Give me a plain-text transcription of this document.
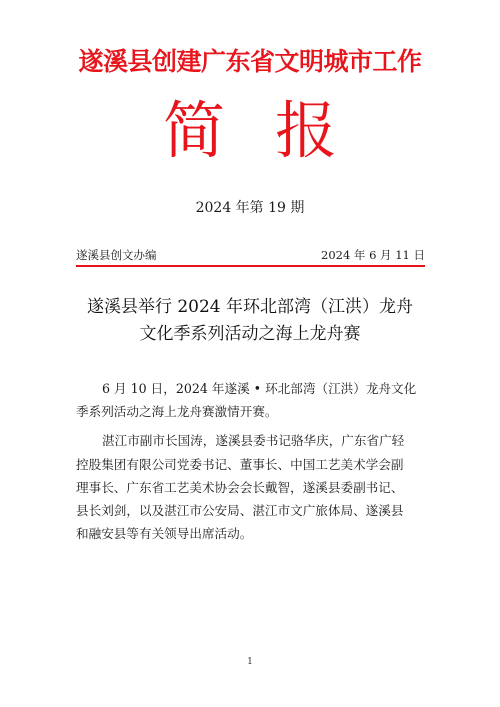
遂溪县创建广东省文明城市工作
简报
2024 年第 19 期
遂溪县创文办编	2024 年 6 月 11 日
遂溪县举行 2024 年环北部湾（江洪）龙舟
文化季系列活动之海上龙舟赛
6 月 10 日，2024 年遂溪 • 环北部湾（江洪）龙舟文化
季系列活动之海上龙舟赛激情开赛。
湛江市副市长国涛，遂溪县委书记骆华庆，广东省广轻
控股集团有限公司党委书记、董事长、中国工艺美术学会副
理事长、广东省工艺美术协会会长戴智，遂溪县委副书记、
县长刘剑，以及湛江市公安局、湛江市文广旅体局、遂溪县
和融安县等有关领导出席活动。
1
